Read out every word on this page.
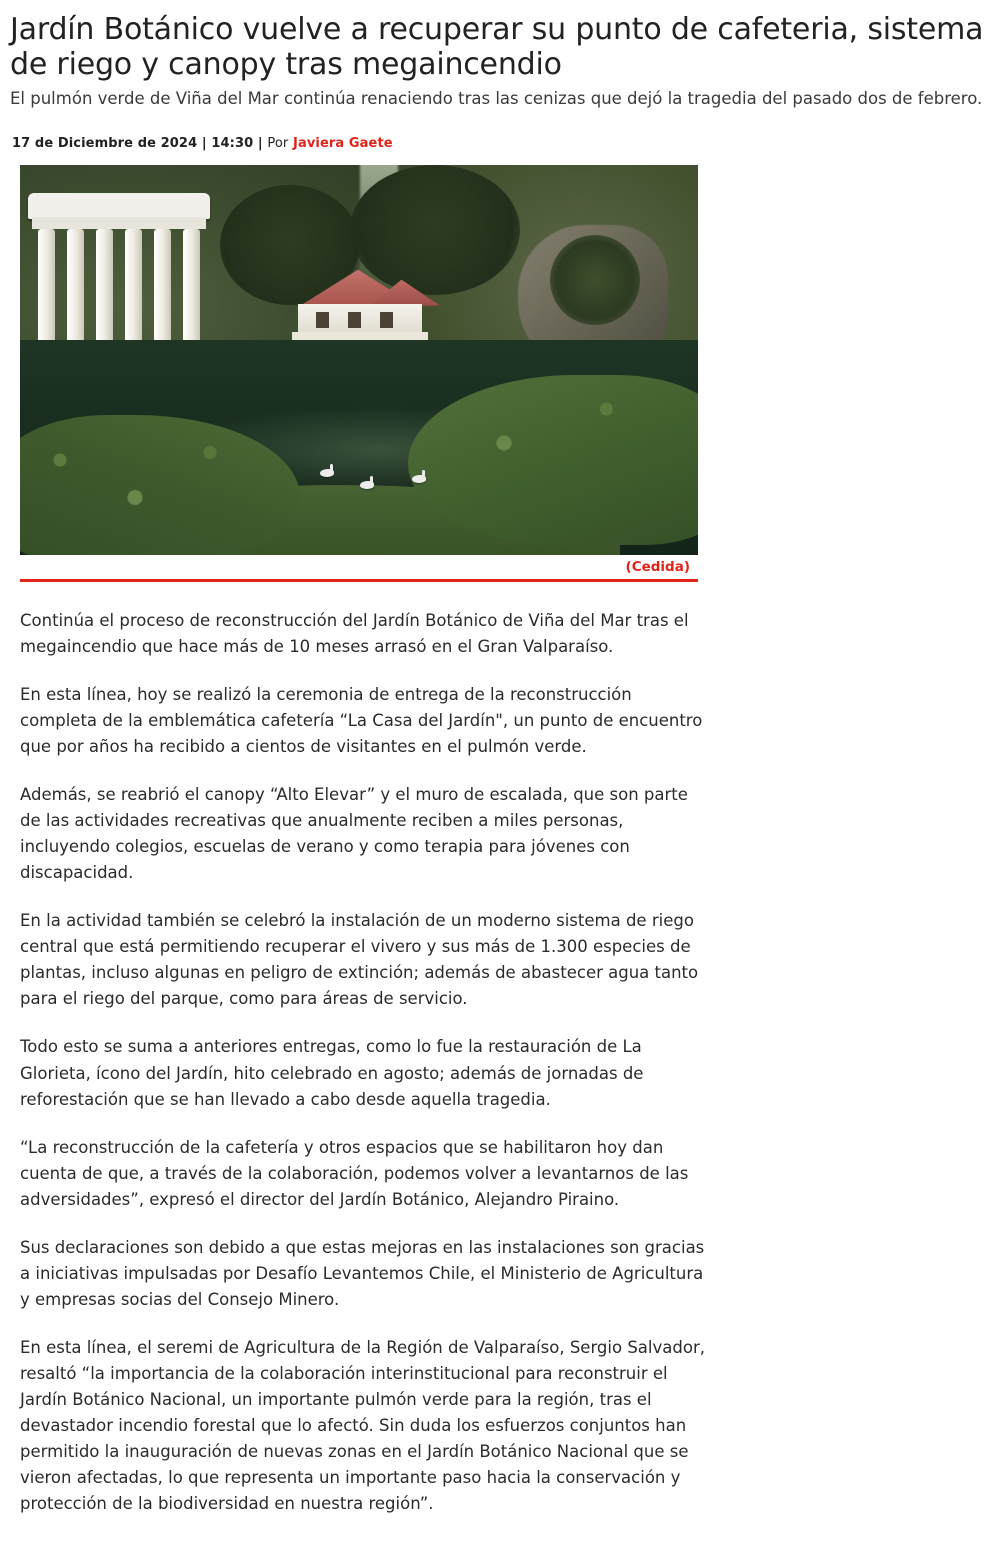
Jardín Botánico vuelve a recuperar su punto de cafeteria, sistema de riego y canopy tras megaincendio

El pulmón verde de Viña del Mar continúa renaciendo tras las cenizas que dejó la tragedia del pasado dos de febrero.

17 de Diciembre de 2024 | 14:30 | Por Javiera Gaete
(Cedida)

Continúa el proceso de reconstrucción del Jardín Botánico de Viña del Mar tras el megaincendio que hace más de 10 meses arrasó en el Gran Valparaíso.

En esta línea, hoy se realizó la ceremonia de entrega de la reconstrucción completa de la emblemática cafetería “La Casa del Jardín", un punto de encuentro que por años ha recibido a cientos de visitantes en el pulmón verde.

Además, se reabrió el canopy “Alto Elevar” y el muro de escalada, que son parte de las actividades recreativas que anualmente reciben a miles personas, incluyendo colegios, escuelas de verano y como terapia para jóvenes con discapacidad.

En la actividad también se celebró la instalación de un moderno sistema de riego central que está permitiendo recuperar el vivero y sus más de 1.300 especies de plantas, incluso algunas en peligro de extinción; además de abastecer agua tanto para el riego del parque, como para áreas de servicio.

Todo esto se suma a anteriores entregas, como lo fue la restauración de La Glorieta, ícono del Jardín, hito celebrado en agosto; además de jornadas de reforestación que se han llevado a cabo desde aquella tragedia.

“La reconstrucción de la cafetería y otros espacios que se habilitaron hoy dan cuenta de que, a través de la colaboración, podemos volver a levantarnos de las adversidades”, expresó el director del Jardín Botánico, Alejandro Piraino.

Sus declaraciones son debido a que estas mejoras en las instalaciones son gracias a iniciativas impulsadas por Desafío Levantemos Chile, el Ministerio de Agricultura y empresas socias del Consejo Minero.

En esta línea, el seremi de Agricultura de la Región de Valparaíso, Sergio Salvador, resaltó “la importancia de la colaboración interinstitucional para reconstruir el Jardín Botánico Nacional, un importante pulmón verde para la región, tras el devastador incendio forestal que lo afectó. Sin duda los esfuerzos conjuntos han permitido la inauguración de nuevas zonas en el Jardín Botánico Nacional que se vieron afectadas, lo que representa un importante paso hacia la conservación y protección de la biodiversidad en nuestra región”.
